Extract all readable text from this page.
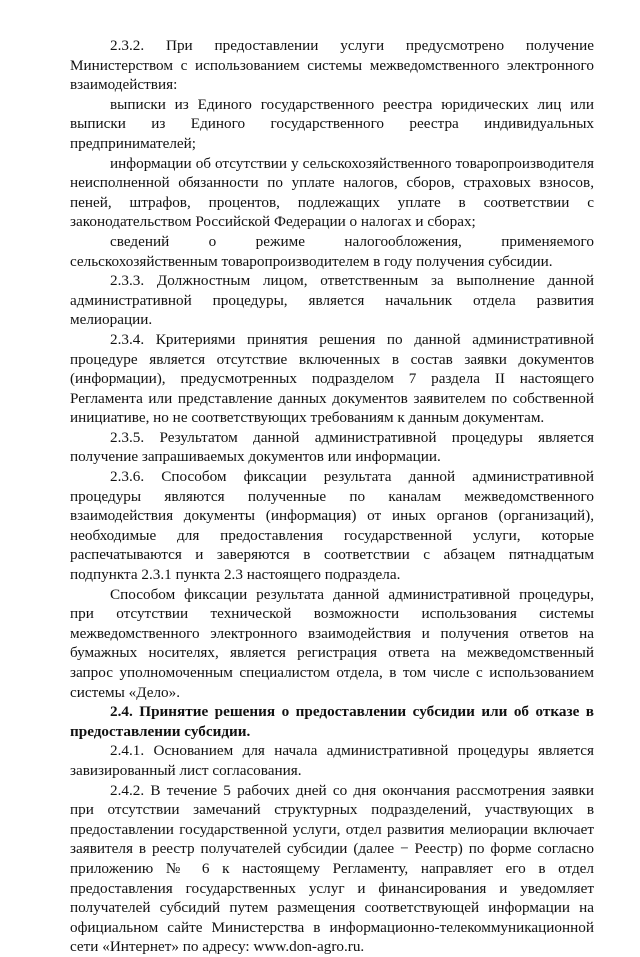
2.3.2. При предоставлении услуги предусмотрено получение Министерством с использованием системы межведомственного электронного взаимодействия:

выписки из Единого государственного реестра юридических лиц или выписки из Единого государственного реестра индивидуальных предпринимателей;

информации об отсутствии у сельскохозяйственного товаропроизводителя неисполненной обязанности по уплате налогов, сборов, страховых взносов, пеней, штрафов, процентов, подлежащих уплате в соответствии с законодательством Российской Федерации о налогах и сборах;

сведений о режиме налогообложения, применяемого сельскохозяйственным товаропроизводителем в году получения субсидии.

2.3.3. Должностным лицом, ответственным за выполнение данной административной процедуры, является начальник отдела развития мелиорации.

2.3.4. Критериями принятия решения по данной административной процедуре является отсутствие включенных в состав заявки документов (информации), предусмотренных подразделом 7 раздела II настоящего Регламента или представление данных документов заявителем по собственной инициативе, но не соответствующих требованиям к данным документам.

2.3.5. Результатом данной административной процедуры является получение запрашиваемых документов или информации.

2.3.6. Способом фиксации результата данной административной процедуры являются полученные по каналам межведомственного взаимодействия документы (информация) от иных органов (организаций), необходимые для предоставления государственной услуги, которые распечатываются и заверяются в соответствии с абзацем пятнадцатым подпункта 2.3.1 пункта 2.3 настоящего подраздела.

Способом фиксации результата данной административной процедуры, при отсутствии технической возможности использования системы межведомственного электронного взаимодействия и получения ответов на бумажных носителях, является регистрация ответа на межведомственный запрос уполномоченным специалистом отдела, в том числе с использованием системы «Дело».

2.4. Принятие решения о предоставлении субсидии или об отказе в предоставлении субсидии.

2.4.1. Основанием для начала административной процедуры является завизированный лист согласования.

2.4.2. В течение 5 рабочих дней со дня окончания рассмотрения заявки при отсутствии замечаний структурных подразделений, участвующих в предоставлении государственной услуги, отдел развития мелиорации включает заявителя в реестр получателей субсидии (далее − Реестр) по форме согласно приложению № 6 к настоящему Регламенту, направляет его в отдел предоставления государственных услуг и финансирования и уведомляет получателей субсидий путем размещения соответствующей информации на официальном сайте Министерства в информационно-телекоммуникационной сети «Интернет» по адресу: www.don-agro.ru.
